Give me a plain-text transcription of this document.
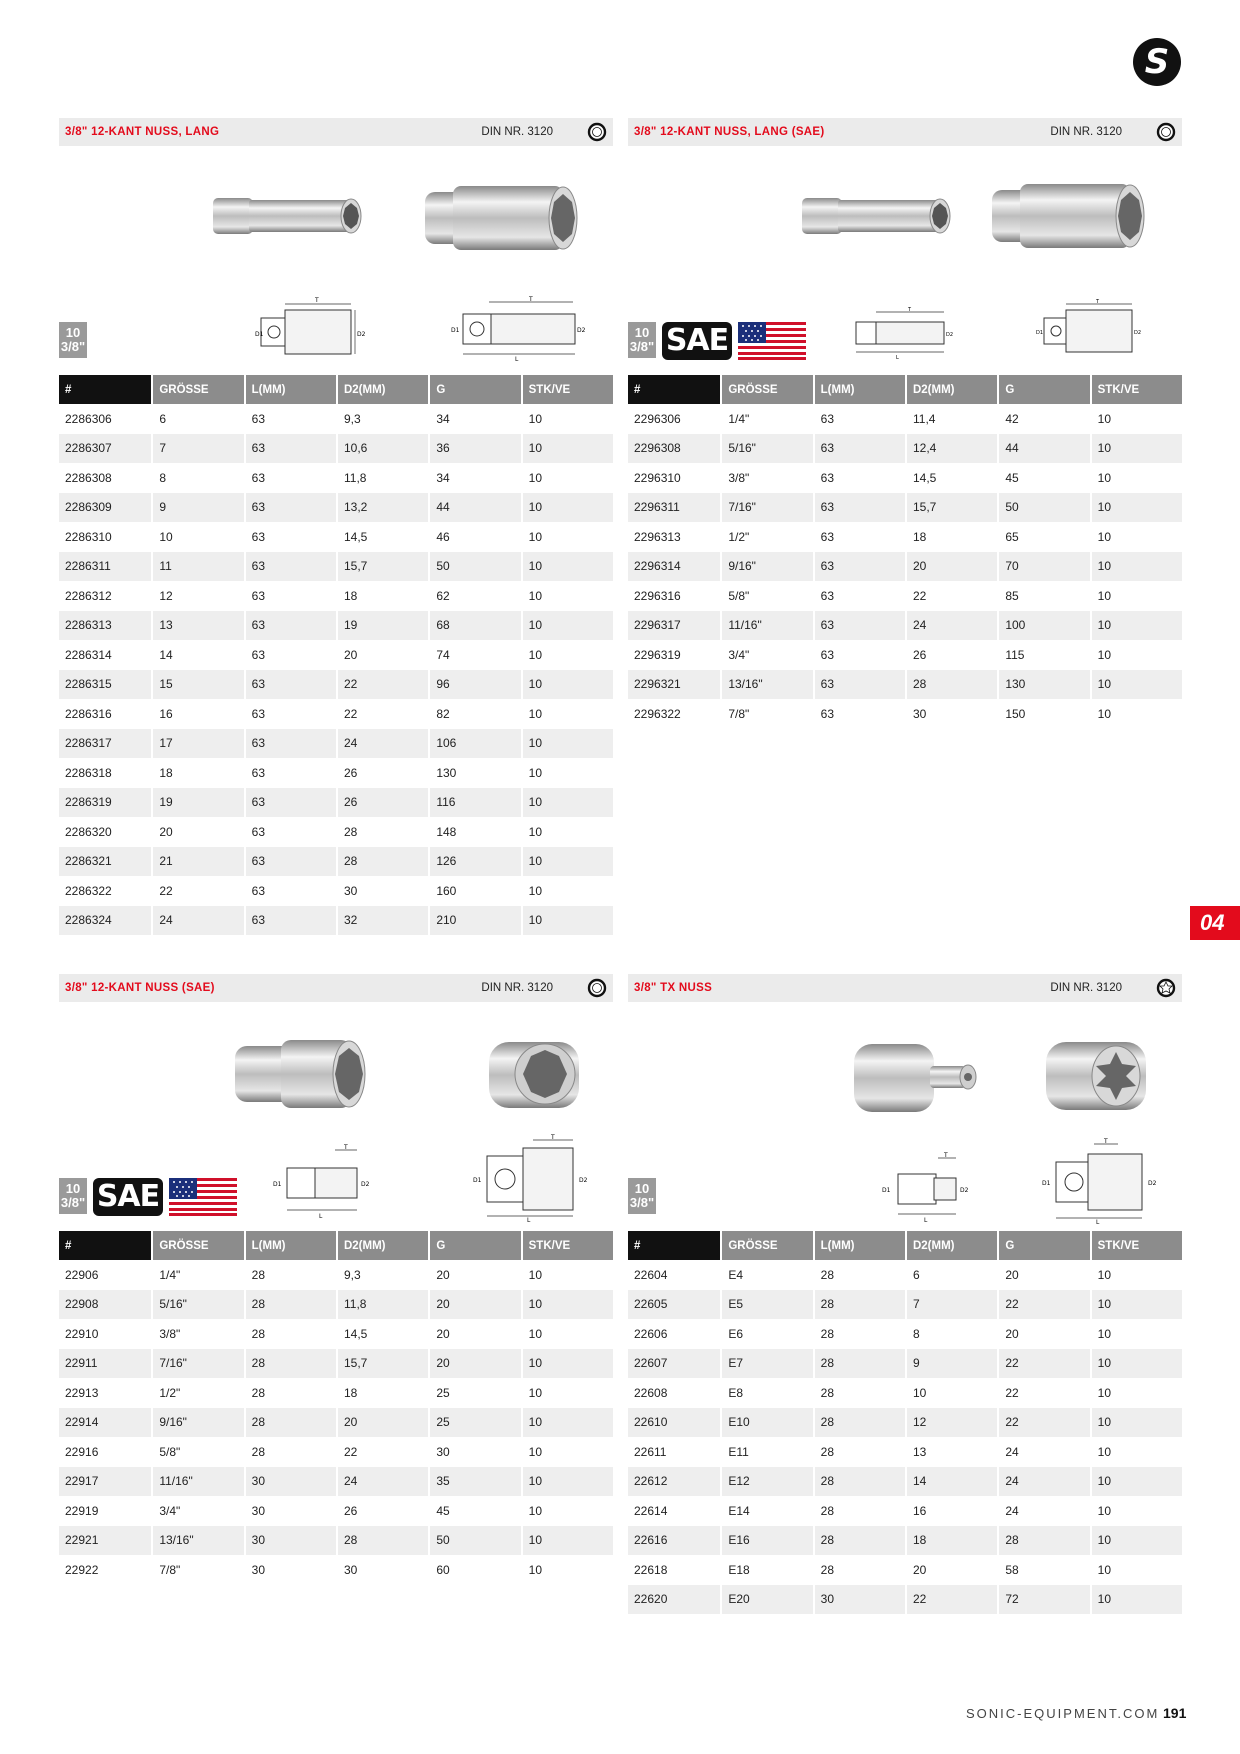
S
04
3/8" 12-KANT NUSS, LANG	DIN NR. 3120
T
D1	D2
T
L
D1	D2
10
3/8"
#	GRÖSSE	L(MM)	D2(MM)	G	STK/VE
2286306	6	63	9,3	34	10
2286307	7	63	10,6	36	10
2286308	8	63	11,8	34	10
2286309	9	63	13,2	44	10
2286310	10	63	14,5	46	10
2286311	11	63	15,7	50	10
2286312	12	63	18	62	10
2286313	13	63	19	68	10
2286314	14	63	20	74	10
2286315	15	63	22	96	10
2286316	16	63	22	82	10
2286317	17	63	24	106	10
2286318	18	63	26	130	10
2286319	19	63	26	116	10
2286320	20	63	28	148	10
2286321	21	63	28	126	10
2286322	22	63	30	160	10
2286324	24	63	32	210	10
3/8" 12-KANT NUSS, LANG (SAE)	DIN NR. 3120
T
L
D2
T
D1	D2
10
3/8" SAE
#	GRÖSSE	L(MM)	D2(MM)	G	STK/VE
2296306	1/4"	63	11,4	42	10
2296308	5/16"	63	12,4	44	10
2296310	3/8"	63	14,5	45	10
2296311	7/16"	63	15,7	50	10
2296313	1/2"	63	18	65	10
2296314	9/16"	63	20	70	10
2296316	5/8"	63	22	85	10
2296317	11/16"	63	24	100	10
2296319	3/4"	63	26	115	10
2296321	13/16"	63	28	130	10
2296322	7/8"	63	30	150	10
3/8" 12-KANT NUSS (SAE)	DIN NR. 3120
T
L
D1	D2
T
L
D1	D2
10
3/8" SAE
#	GRÖSSE	L(MM)	D2(MM)	G	STK/VE
22906	1/4"	28	9,3	20	10
22908	5/16"	28	11,8	20	10
22910	3/8"	28	14,5	20	10
22911	7/16"	28	15,7	20	10
22913	1/2"	28	18	25	10
22914	9/16"	28	20	25	10
22916	5/8"	28	22	30	10
22917	11/16"	30	24	35	10
22919	3/4"	30	26	45	10
22921	13/16"	30	28	50	10
22922	7/8"	30	30	60	10
3/8" TX NUSS	DIN NR. 3120
T
L
D1	D2
T
L
D1	D2
10
3/8"
#	GRÖSSE	L(MM)	D2(MM)	G	STK/VE
22604	E4	28	6	20	10
22605	E5	28	7	22	10
22606	E6	28	8	20	10
22607	E7	28	9	22	10
22608	E8	28	10	22	10
22610	E10	28	12	22	10
22611	E11	28	13	24	10
22612	E12	28	14	24	10
22614	E14	28	16	24	10
22616	E16	28	18	28	10
22618	E18	28	20	58	10
22620	E20	30	22	72	10
SONIC-EQUIPMENT.COM 191
